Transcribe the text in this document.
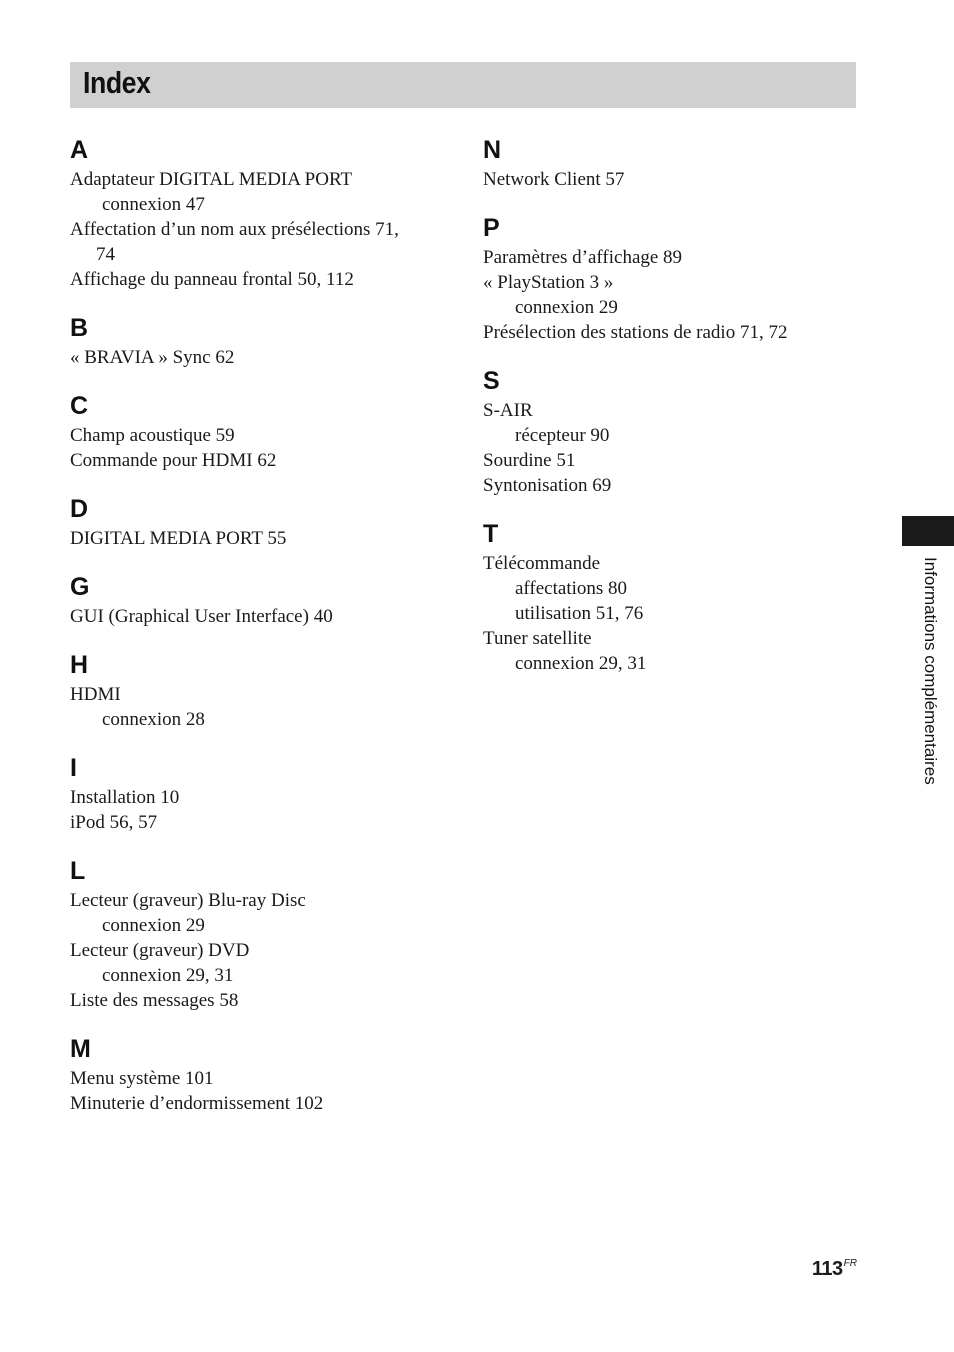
Index
A
Adaptateur DIGITAL MEDIA PORT
connexion 47
Affectation d’un nom aux présélections 71,
74
Affichage du panneau frontal 50, 112
B
« BRAVIA » Sync 62
C
Champ acoustique 59
Commande pour HDMI 62
D
DIGITAL MEDIA PORT 55
G
GUI (Graphical User Interface) 40
H
HDMI
connexion 28
I
Installation 10
iPod 56, 57
L
Lecteur (graveur) Blu-ray Disc
connexion 29
Lecteur (graveur) DVD
connexion 29, 31
Liste des messages 58
M
Menu système 101
Minuterie d’endormissement 102
N
Network Client 57
P
Paramètres d’affichage 89
« PlayStation 3 »
connexion 29
Présélection des stations de radio 71, 72
S
S-AIR
récepteur 90
Sourdine 51
Syntonisation 69
T
Télécommande
affectations 80
utilisation 51, 76
Tuner satellite
connexion 29, 31	Informations complémentaires
$113^{FR}$
